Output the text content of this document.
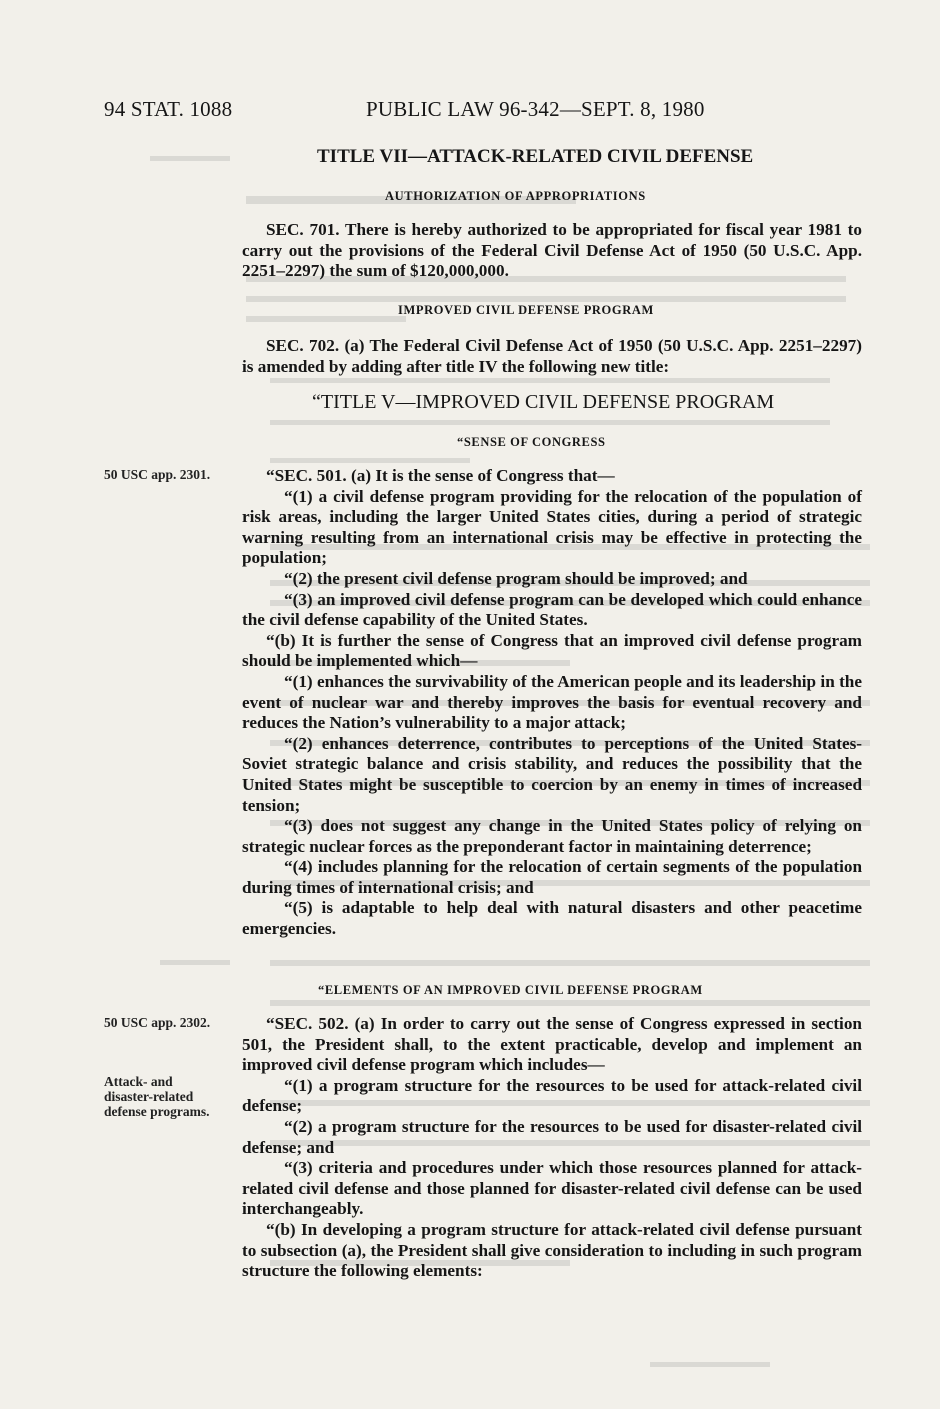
94 STAT. 1088	PUBLIC LAW 96-342—SEPT. 8, 1980
TITLE VII—ATTACK-RELATED CIVIL DEFENSE
AUTHORIZATION OF APPROPRIATIONS

SEC. 701. There is hereby authorized to be appropriated for fiscal year 1981 to carry out the provisions of the Federal Civil Defense Act of 1950 (50 U.S.C. App. 2251–2297) the sum of $120,000,000.

IMPROVED CIVIL DEFENSE PROGRAM

SEC. 702. (a) The Federal Civil Defense Act of 1950 (50 U.S.C. App. 2251–2297) is amended by adding after title IV the following new title:

“TITLE V—IMPROVED CIVIL DEFENSE PROGRAM
“SENSE OF CONGRESS
50 USC app. 2301.	“SEC. 501. (a) It is the sense of Congress that—

“(1) a civil defense program providing for the relocation of the population of risk areas, including the larger United States cities, during a period of strategic warning resulting from an international crisis may be effective in protecting the population;

“(2) the present civil defense program should be improved; and

“(3) an improved civil defense program can be developed which could enhance the civil defense capability of the United States.

“(b) It is further the sense of Congress that an improved civil defense program should be implemented which—

“(1) enhances the survivability of the American people and its leadership in the event of nuclear war and thereby improves the basis for eventual recovery and reduces the Nation’s vulnerability to a major attack;

“(2) enhances deterrence, contributes to perceptions of the United States-Soviet strategic balance and crisis stability, and reduces the possibility that the United States might be susceptible to coercion by an enemy in times of increased tension;

“(3) does not suggest any change in the United States policy of relying on strategic nuclear forces as the preponderant factor in maintaining deterrence;

“(4) includes planning for the relocation of certain segments of the population during times of international crisis; and

“(5) is adaptable to help deal with natural disasters and other peacetime emergencies.

“ELEMENTS OF AN IMPROVED CIVIL DEFENSE PROGRAM
50 USC app. 2302.
Attack- and disaster-related defense programs.

“SEC. 502. (a) In order to carry out the sense of Congress expressed in section 501, the President shall, to the extent practicable, develop and implement an improved civil defense program which includes—

“(1) a program structure for the resources to be used for attack-related civil defense;

“(2) a program structure for the resources to be used for disaster-related civil defense; and

“(3) criteria and procedures under which those resources planned for attack-related civil defense and those planned for disaster-related civil defense can be used interchangeably.

“(b) In developing a program structure for attack-related civil defense pursuant to subsection (a), the President shall give consideration to including in such program structure the following elements:
